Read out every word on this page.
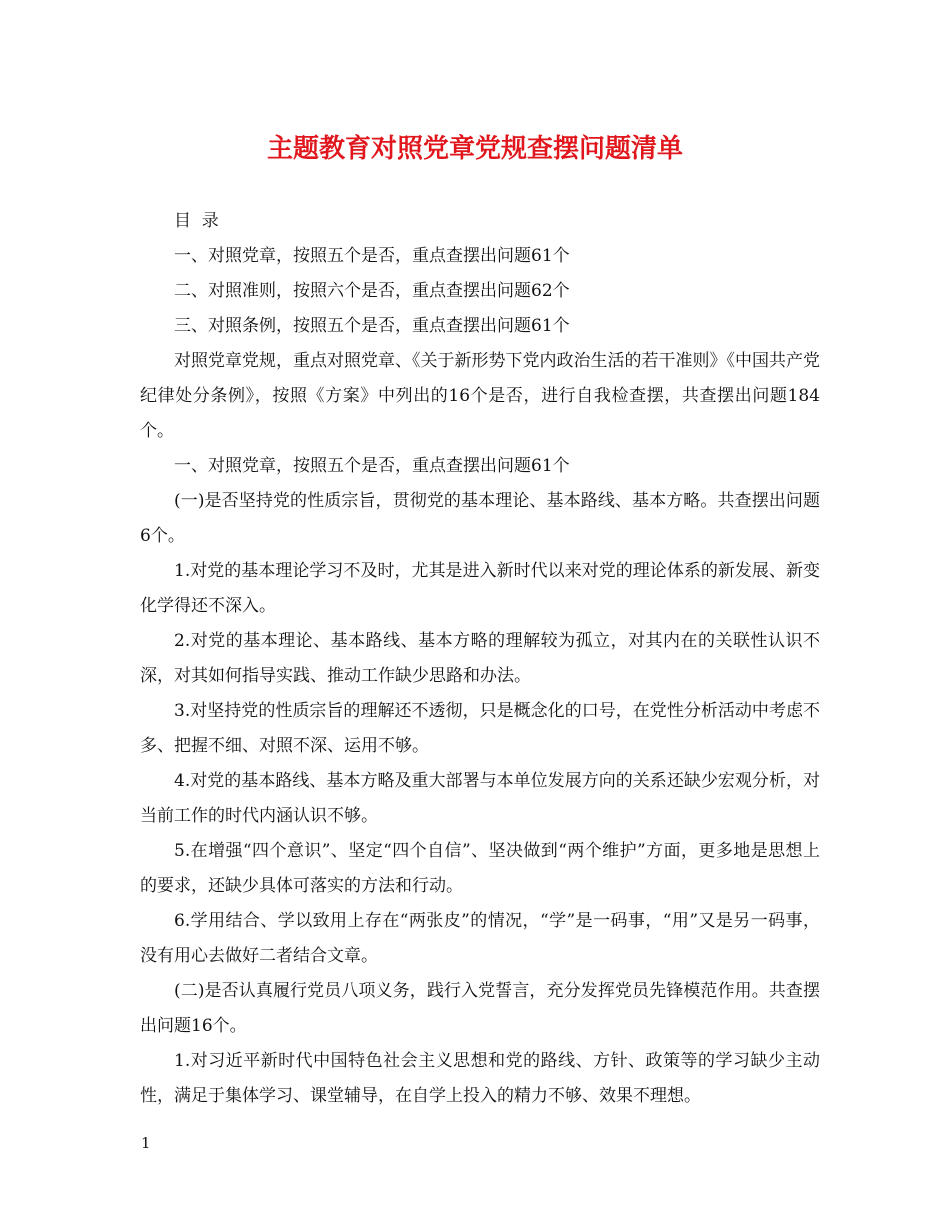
主题教育对照党章党规查摆问题清单

目  录

一、对照党章，按照五个是否，重点查摆出问题61个

二、对照准则，按照六个是否，重点查摆出问题62个

三、对照条例，按照五个是否，重点查摆出问题61个

对照党章党规，重点对照党章、《关于新形势下党内政治生活的若干准则》《中国共产党纪律处分条例》，按照《方案》中列出的16个是否，进行自我检查摆，共查摆出问题184个。

一、对照党章，按照五个是否，重点查摆出问题61个

(一)是否坚持党的性质宗旨，贯彻党的基本理论、基本路线、基本方略。共查摆出问题6个。

1.对党的基本理论学习不及时，尤其是进入新时代以来对党的理论体系的新发展、新变化学得还不深入。

2.对党的基本理论、基本路线、基本方略的理解较为孤立，对其内在的关联性认识不深，对其如何指导实践、推动工作缺少思路和办法。

3.对坚持党的性质宗旨的理解还不透彻，只是概念化的口号，在党性分析活动中考虑不多、把握不细、对照不深、运用不够。

4.对党的基本路线、基本方略及重大部署与本单位发展方向的关系还缺少宏观分析，对当前工作的时代内涵认识不够。

5.在增强“四个意识”、坚定“四个自信”、坚决做到“两个维护”方面，更多地是思想上的要求，还缺少具体可落实的方法和行动。

6.学用结合、学以致用上存在“两张皮”的情况，“学”是一码事，“用”又是另一码事，没有用心去做好二者结合文章。

(二)是否认真履行党员八项义务，践行入党誓言，充分发挥党员先锋模范作用。共查摆出问题16个。

1.对习近平新时代中国特色社会主义思想和党的路线、方针、政策等的学习缺少主动性，满足于集体学习、课堂辅导，在自学上投入的精力不够、效果不理想。

1
